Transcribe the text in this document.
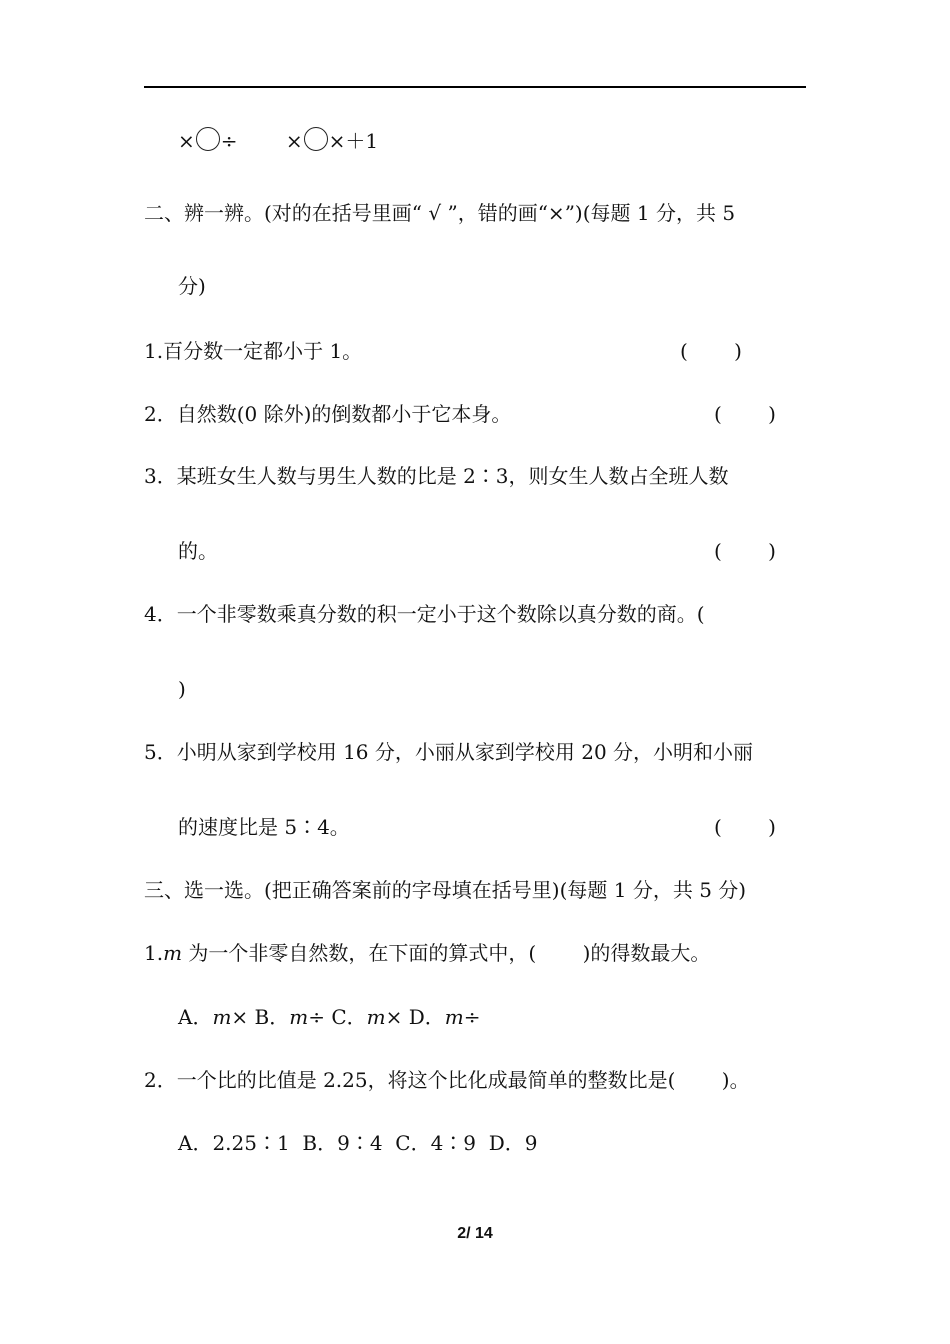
× ÷ × ×＋1
二、辨一辨。(对的在括号里画“ √ ”，错的画“×”)(每题 1 分，共 5
分)
1.百分数一定都小于 1。	(　 　)
2．自然数(0 除外)的倒数都小于它本身。	(　 　)
3．某班女生人数与男生人数的比是 2∶3，则女生人数占全班人数
的。	(　 　)
4．一个非零数乘真分数的积一定小于这个数除以真分数的商。(
)
5．小明从家到学校用 16 分，小丽从家到学校用 20 分，小明和小丽
的速度比是 5∶4。	(　 　)
三、选一选。(把正确答案前的字母填在括号里)(每题 1 分，共 5 分)
1.m 为一个非零自然数，在下面的算式中，(　 　)的得数最大。
A．m× B．m÷ C．m× D．m÷
2．一个比的比值是 2.25，将这个比化成最简单的整数比是(　 　)。
A．2.25∶1  B．9∶4  C．4∶9  D．9
2/ 14
